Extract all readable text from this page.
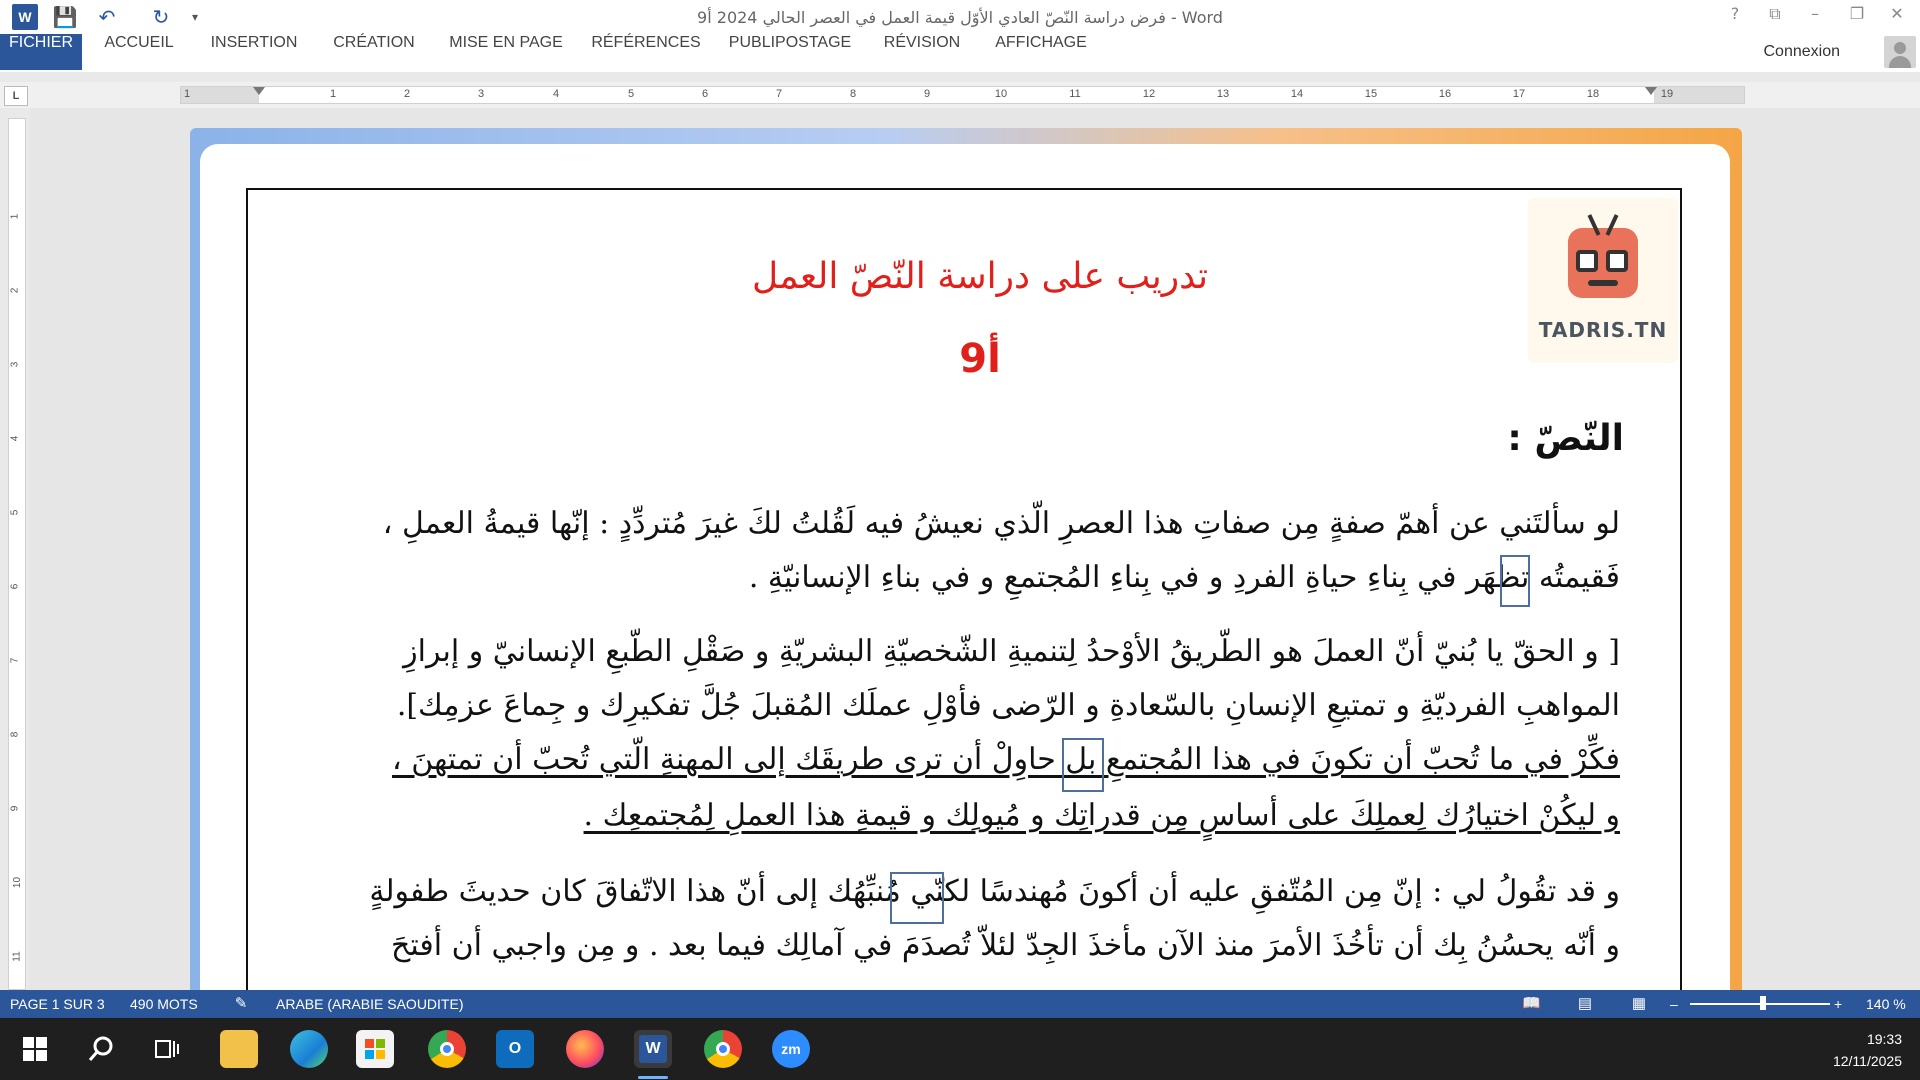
W	💾 ↶ ↻	▾	فرض دراسة النّصّ العادي الأوّل قيمة العمل في العصر الحالي 2024 أ9 - Word	?	⧉	–	❐	✕
FICHIER	ACCUEIL	INSERTION	CRÉATION	MISE EN PAGE	RÉFÉRENCES PUBLIPOSTAGE	RÉVISION	AFFICHAGE
Connexion
L	1	1	2	3	4	5	6	7	8	9	10	11	12	13	14	15	16	17	18	19
1
2
3
4
5
6
7
8
9
10
11
TADRIS.TN
تدريب على دراسة النّصّ العمل
أ9
النّصّ :
لو سألتَني عن أهمّ صفةٍ مِن صفاتِ هذا العصرِ الّذي نعيشُ فيه لَقُلتُ لكَ غيرَ مُتردِّدٍ : إنّها قيمةُ العملِ ،
فَقيمتُه تظهَر في بِناءِ حياةِ الفردِ و في بِناءِ المُجتمعِ و في بناءِ الإنسانيّةِ .
[ و الحقّ يا بُنيّ أنّ العملَ هو الطّريقُ الأوْحدُ لِتنميةِ الشّخصيّةِ البشريّةِ و صَقْلِ الطّبعِ الإنسانيّ و إبرازِ
المواهبِ الفرديّةِ و تمتيعِ الإنسانِ بالسّعادةِ و الرّضى فأوْلِ عملَك المُقبلَ جُلَّ تفكيرِك و جِماعَ عزمِك].
فكِّرْ في ما تُحبّ أن تكونَ في هذا المُجتمعِ بل حاوِلْ أن ترى طريقَك إلى المهنةِ الّتي تُحبّ أن تمتهنَ ،
و ليكُنْ اختيارُك لِعملِكَ على أساسٍ مِن قدراتِك و مُيولِك و قيمةِ هذا العملِ لِمُجتمعِك .
و قد تقُولُ لي : إنّ مِن المُتّفقِ عليه أن أكونَ مُهندسًا لكنّي مُنبِّهُك إلى أنّ هذا الاتّفاقَ كان حديثَ طفولةٍ
و أنّه يحسُنُ بِك أن تأخُذَ الأمرَ منذ الآن مأخذَ الجِدّ لئلاّ تُصدَمَ في آمالِك فيما بعد . و مِن واجبي أن أفتحَ
PAGE 1 SUR 3 490 MOTS ✎ ARABE (ARABIE SAOUDITE)	📖 ▤	▦ –	+ 140 %
O	W	zm
19:33
12/11/2025
